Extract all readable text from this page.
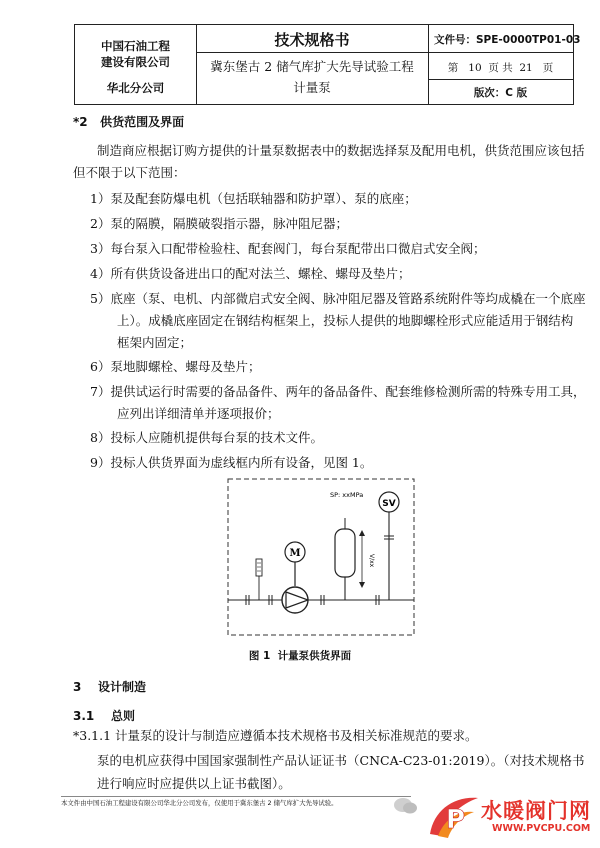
中国石油工程
建设有限公司
华北分公司
技术规格书
冀东堡古 2 储气库扩大先导试验工程
计量泵
文件号：SPE-0000TP01-03
第   10  页 共  21   页
版次：C 版
*2   供货范围及界面
制造商应根据订购方提供的计量泵数据表中的数据选择泵及配用电机，供货范围应该包括
但不限于以下范围：
1）泵及配套防爆电机（包括联轴器和防护罩）、泵的底座；
2）泵的隔膜，隔膜破裂指示器，脉冲阻尼器；
3）每台泵入口配带检验柱、配套阀门，每台泵配带出口微启式安全阀；
4）所有供货设备进出口的配对法兰、螺栓、螺母及垫片；
5）底座（泵、电机、内部微启式安全阀、脉冲阻尼器及管路系统附件等均成橇在一个底座
上）。成橇底座固定在钢结构框架上，投标人提供的地脚螺栓形式应能适用于钢结构
框架内固定；
6）泵地脚螺栓、螺母及垫片；
7）提供试运行时需要的备品备件、两年的备品备件、配套维修检测所需的特殊专用工具，
应列出详细清单并逐项报价；
8）投标人应随机提供每台泵的技术文件。
9）投标人供货界面为虚线框内所有设备，见图 1。
SV
SP: xxMPa
V/xx
M
图 1  计量泵供货界面
3    设计制造
3.1    总则
*3.1.1 计量泵的设计与制造应遵循本技术规格书及相关标准规范的要求。
泵的电机应获得中国国家强制性产品认证证书（CNCA-C23-01:2019）。（对技术规格书
进行响应时应提供以上证书截图）。
本文件由中国石油工程建设有限公司华北分公司发布，仅使用于冀东堡古 2 储气库扩大先导试验。
P 水暖阀门网
WWW.PVCPU.COM
